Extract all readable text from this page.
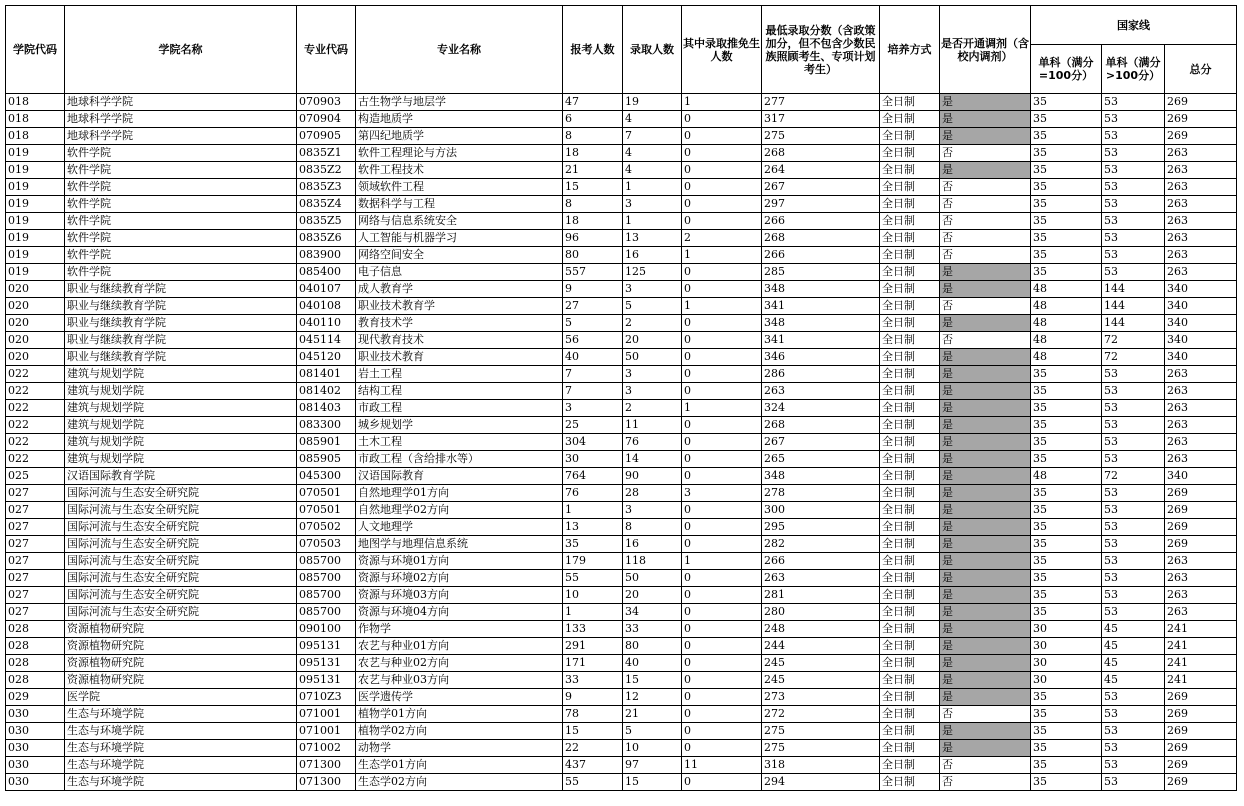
学院代码	学院名称	专业代码	专业名称	报考人数	录取人数	其中录取推免生人数	最低录取分数（含政策加分，但不包含少数民族照顾考生、专项计划考生）	培养方式	是否开通调剂（含校内调剂）	国家线		
										单科（满分=100分）	单科（满分>100分）	总分
018	地球科学学院	070903	古生物学与地层学	47	19	1	277	全日制	是	35	53	269
018	地球科学学院	070904	构造地质学	6	4	0	317	全日制	是	35	53	269
018	地球科学学院	070905	第四纪地质学	8	7	0	275	全日制	是	35	53	269
019	软件学院	0835Z1	软件工程理论与方法	18	4	0	268	全日制	否	35	53	263
019	软件学院	0835Z2	软件工程技术	21	4	0	264	全日制	是	35	53	263
019	软件学院	0835Z3	领域软件工程	15	1	0	267	全日制	否	35	53	263
019	软件学院	0835Z4	数据科学与工程	8	3	0	297	全日制	否	35	53	263
019	软件学院	0835Z5	网络与信息系统安全	18	1	0	266	全日制	否	35	53	263
019	软件学院	0835Z6	人工智能与机器学习	96	13	2	268	全日制	否	35	53	263
019	软件学院	083900	网络空间安全	80	16	1	266	全日制	否	35	53	263
019	软件学院	085400	电子信息	557	125	0	285	全日制	是	35	53	263
020	职业与继续教育学院	040107	成人教育学	9	3	0	348	全日制	是	48	144	340
020	职业与继续教育学院	040108	职业技术教育学	27	5	1	341	全日制	否	48	144	340
020	职业与继续教育学院	040110	教育技术学	5	2	0	348	全日制	是	48	144	340
020	职业与继续教育学院	045114	现代教育技术	56	20	0	341	全日制	否	48	72	340
020	职业与继续教育学院	045120	职业技术教育	40	50	0	346	全日制	是	48	72	340
022	建筑与规划学院	081401	岩土工程	7	3	0	286	全日制	是	35	53	263
022	建筑与规划学院	081402	结构工程	7	3	0	263	全日制	是	35	53	263
022	建筑与规划学院	081403	市政工程	3	2	1	324	全日制	是	35	53	263
022	建筑与规划学院	083300	城乡规划学	25	11	0	268	全日制	是	35	53	263
022	建筑与规划学院	085901	土木工程	304	76	0	267	全日制	是	35	53	263
022	建筑与规划学院	085905	市政工程（含给排水等）	30	14	0	265	全日制	是	35	53	263
025	汉语国际教育学院	045300	汉语国际教育	764	90	0	348	全日制	是	48	72	340
027	国际河流与生态安全研究院	070501	自然地理学01方向	76	28	3	278	全日制	是	35	53	269
027	国际河流与生态安全研究院	070501	自然地理学02方向	1	3	0	300	全日制	是	35	53	269
027	国际河流与生态安全研究院	070502	人文地理学	13	8	0	295	全日制	是	35	53	269
027	国际河流与生态安全研究院	070503	地图学与地理信息系统	35	16	0	282	全日制	是	35	53	269
027	国际河流与生态安全研究院	085700	资源与环境01方向	179	118	1	266	全日制	是	35	53	263
027	国际河流与生态安全研究院	085700	资源与环境02方向	55	50	0	263	全日制	是	35	53	263
027	国际河流与生态安全研究院	085700	资源与环境03方向	10	20	0	281	全日制	是	35	53	263
027	国际河流与生态安全研究院	085700	资源与环境04方向	1	34	0	280	全日制	是	35	53	263
028	资源植物研究院	090100	作物学	133	33	0	248	全日制	是	30	45	241
028	资源植物研究院	095131	农艺与种业01方向	291	80	0	244	全日制	是	30	45	241
028	资源植物研究院	095131	农艺与种业02方向	171	40	0	245	全日制	是	30	45	241
028	资源植物研究院	095131	农艺与种业03方向	33	15	0	245	全日制	是	30	45	241
029	医学院	0710Z3	医学遗传学	9	12	0	273	全日制	是	35	53	269
030	生态与环境学院	071001	植物学01方向	78	21	0	272	全日制	否	35	53	269
030	生态与环境学院	071001	植物学02方向	15	5	0	275	全日制	是	35	53	269
030	生态与环境学院	071002	动物学	22	10	0	275	全日制	是	35	53	269
030	生态与环境学院	071300	生态学01方向	437	97	11	318	全日制	否	35	53	269
030	生态与环境学院	071300	生态学02方向	55	15	0	294	全日制	否	35	53	269
